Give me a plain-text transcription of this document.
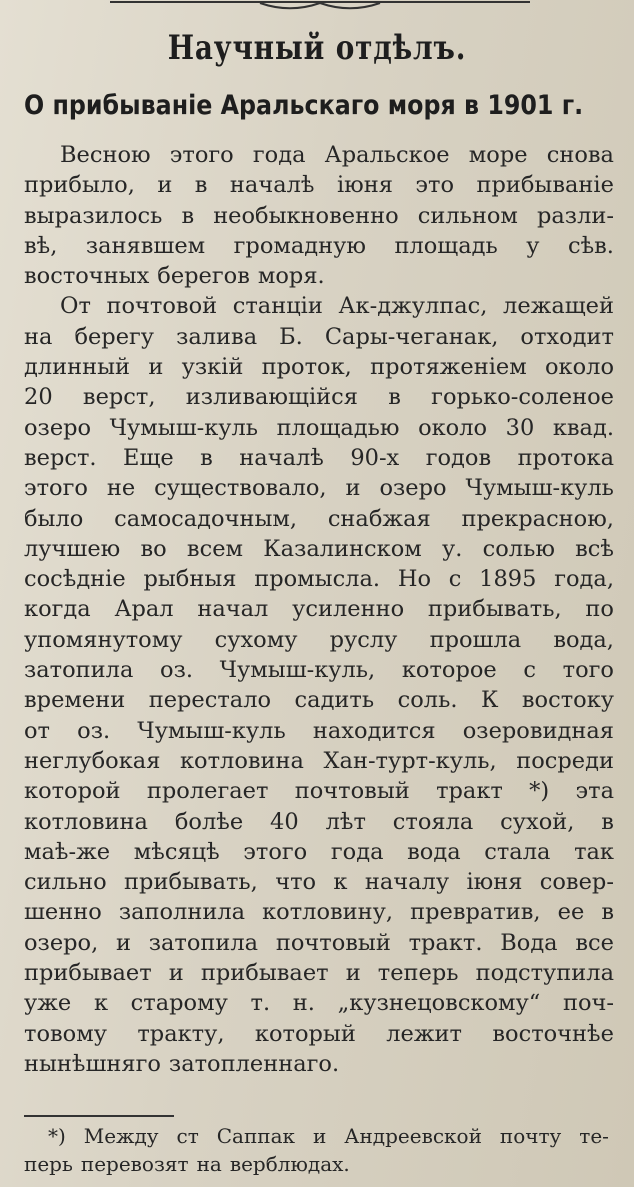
Научный отдѣлъ.
О прибываніе Аральскаго моря в 1901 г.
Весною этого года Аральское море снова
прибыло, и в началѣ іюня это прибываніе
выразилось в необыкновенно сильном разли-
вѣ, занявшем громадную площадь у сѣв.
восточных берегов моря.
От почтовой станціи Ак-джулпас, лежащей
на берегу залива Б. Сары-чеганак, отходит
длинный и узкій проток, протяженіем около
20 верст, изливающійся в горько-соленое
озеро Чумыш-куль площадью около 30 квад.
верст. Еще в началѣ 90-х годов протока
этого не существовало, и озеро Чумыш-куль
было самосадочным, снабжая прекрасною,
лучшею во всем Казалинском у. солью всѣ
сосѣдніе рыбныя промысла. Но с 1895 года,
когда Арал начал усиленно прибывать, по
упомянутому сухому руслу прошла вода,
затопила оз. Чумыш-куль, которое с того
времени перестало садить соль. К востоку
от оз. Чумыш-куль находится озеровидная
неглубокая котловина Хан-турт-куль, посреди
которой пролегает почтовый тракт *) эта
котловина болѣе 40 лѣт стояла сухой, в
маѣ-же мѣсяцѣ этого года вода стала так
сильно прибывать, что к началу іюня совер-
шенно заполнила котловину, превратив, ее в
озеро, и затопила почтовый тракт. Вода все
прибывает и прибывает и теперь подступила
уже к старому т. н. „кузнецовскому“ поч-
товому тракту, который лежит восточнѣе
нынѣшняго затопленнаго.
*) Между ст Саппак и Андреевской почту те-
перь перевозят на верблюдах.
